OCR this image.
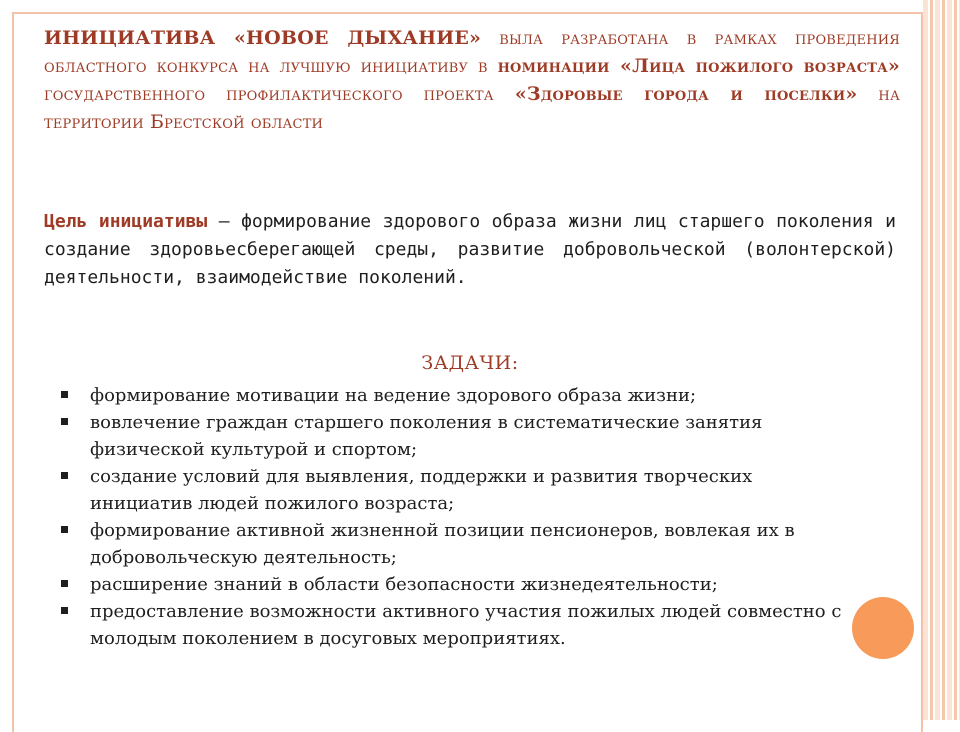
ИНИЦИАТИВА «НОВОЕ ДЫХАНИЕ» выла разработана в рамках проведения областного конкурса на лучшую инициативу в номинации «Лица пожилого возраста» государственного профилактического проекта «Здоровые города и поселки» на территории Брестской области
Цель инициативы – формирование здорового образа жизни лиц старшего поколения и создание здоровьесберегающей среды, развитие добровольческой (волонтерской) деятельности, взаимодействие поколений.
ЗАДАЧИ:
формирование мотивации на ведение здорового образа жизни;
вовлечение граждан старшего поколения в систематические занятия физической культурой и спортом;
создание условий для выявления, поддержки и развития творческих инициатив людей пожилого возраста;
формирование активной жизненной позиции пенсионеров, вовлекая их в добровольческую деятельность;
расширение знаний в области безопасности жизнедеятельности;
предоставление возможности активного участия пожилых людей совместно с молодым поколением в досуговых мероприятиях.
